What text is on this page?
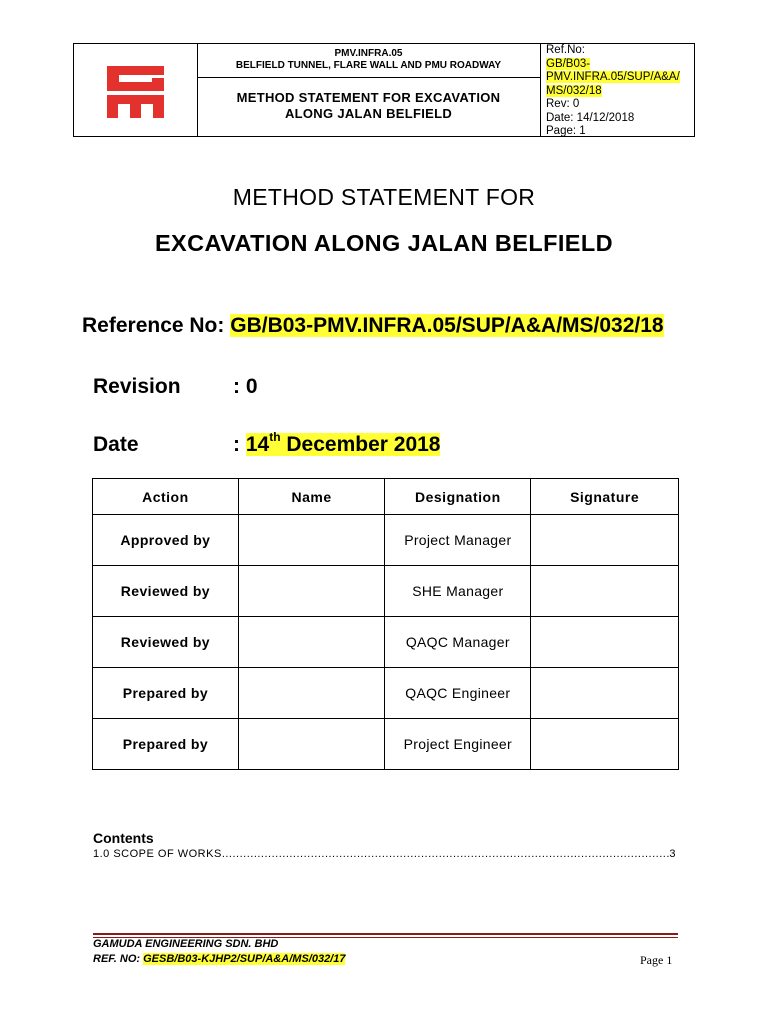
PMV.INFRA.05
BELFIELD TUNNEL, FLARE WALL AND PMU ROADWAY
METHOD STATEMENT FOR EXCAVATION
ALONG JALAN BELFIELD
Ref.No:
GB/B03-
PMV.INFRA.05/SUP/A&A/
MS/032/18
Rev: 0
Date: 14/12/2018
Page: 1
METHOD STATEMENT FOR
EXCAVATION ALONG JALAN BELFIELD
Reference No: GB/B03-PMV.INFRA.05/SUP/A&A/MS/032/18
Revision : 0
Date	: 14th December 2018
Action	Name	Designation	Signature
Approved by		Project Manager	
Reviewed by		SHE Manager	
Reviewed by		QAQC Manager	
Prepared by		QAQC Engineer	
Prepared by		Project Engineer	
Contents
1.0 SCOPE OF WORKS .....	3
GAMUDA ENGINEERING SDN. BHD
REF. NO: GESB/B03-KJHP2/SUP/A&A/MS/032/17	Page 1
